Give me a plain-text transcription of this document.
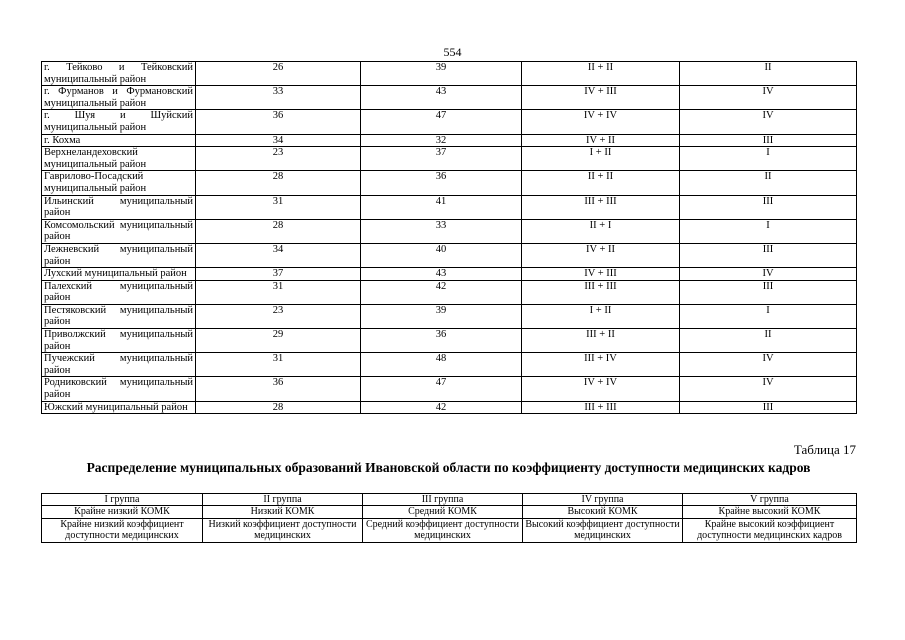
554
г. Тейково и Тейковский муниципальный район	26	39	II + II	II
г. Фурманов и Фурмановский муниципальный район	33	43	IV + III	IV
г. Шуя и Шуйский муниципальный район	36	47	IV + IV	IV
г. Кохма	34	32	IV + II	III
Верхнеландеховский муниципальный район	23	37	I + II	I
Гаврилово-Посадский муниципальный район	28	36	II + II	II
Ильинский муниципальный район	31	41	III + III	III
Комсомольский муниципальный район	28	33	II + I	I
Лежневский муниципальный район	34	40	IV + II	III
Лухский муниципальный район	37	43	IV + III	IV
Палехский муниципальный район	31	42	III + III	III
Пестяковский муниципальный район	23	39	I + II	I
Приволжский муниципальный район	29	36	III + II	II
Пучежский муниципальный район	31	48	III + IV	IV
Родниковский муниципальный район	36	47	IV + IV	IV
Южский муниципальный район	28	42	III + III	III
Таблица 17
Распределение муниципальных образований Ивановской области по коэффициенту доступности медицинских кадров
I группа	II группа	III группа	IV группа	V группа
Крайне низкий КОМК	Низкий КОМК	Средний КОМК	Высокий КОМК	Крайне высокий КОМК
Крайне низкий коэффициент доступности медицинских	Низкий коэффициент доступности медицинских	Средний коэффициент доступности медицинских	Высокий коэффициент доступности медицинских	Крайне высокий коэффициент доступности медицинских кадров
